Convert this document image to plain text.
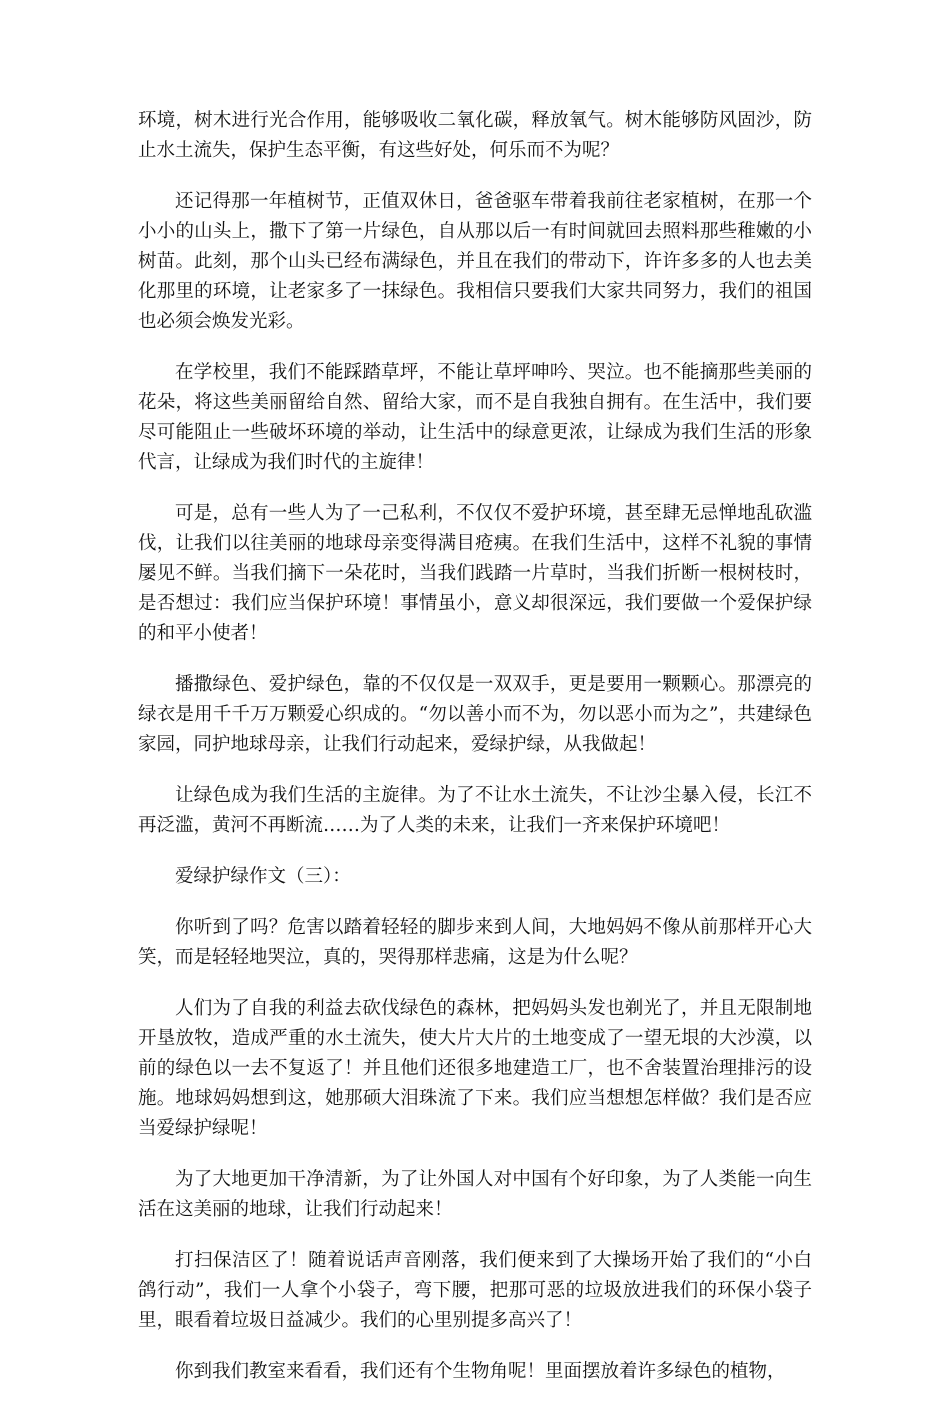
环境，树木进行光合作用，能够吸收二氧化碳，释放氧气。树木能够防风固沙，防止水土流失，保护生态平衡，有这些好处，何乐而不为呢？

还记得那一年植树节，正值双休日，爸爸驱车带着我前往老家植树，在那一个小小的山头上，撒下了第一片绿色，自从那以后一有时间就回去照料那些稚嫩的小树苗。此刻，那个山头已经布满绿色，并且在我们的带动下，许许多多的人也去美化那里的环境，让老家多了一抹绿色。我相信只要我们大家共同努力，我们的祖国也必须会焕发光彩。

在学校里，我们不能踩踏草坪，不能让草坪呻吟、哭泣。也不能摘那些美丽的花朵，将这些美丽留给自然、留给大家，而不是自我独自拥有。在生活中，我们要尽可能阻止一些破坏环境的举动，让生活中的绿意更浓，让绿成为我们生活的形象代言，让绿成为我们时代的主旋律！

可是，总有一些人为了一己私利，不仅仅不爱护环境，甚至肆无忌惮地乱砍滥伐，让我们以往美丽的地球母亲变得满目疮痍。在我们生活中，这样不礼貌的事情屡见不鲜。当我们摘下一朵花时，当我们践踏一片草时，当我们折断一根树枝时，是否想过：我们应当保护环境！事情虽小，意义却很深远，我们要做一个爱保护绿的和平小使者！

播撒绿色、爱护绿色，靠的不仅仅是一双双手，更是要用一颗颗心。那漂亮的绿衣是用千千万万颗爱心织成的。“勿以善小而不为，勿以恶小而为之”，共建绿色家园，同护地球母亲，让我们行动起来，爱绿护绿，从我做起！

让绿色成为我们生活的主旋律。为了不让水土流失，不让沙尘暴入侵，长江不再泛滥，黄河不再断流……为了人类的未来，让我们一齐来保护环境吧！

爱绿护绿作文（三）：

你听到了吗？危害以踏着轻轻的脚步来到人间，大地妈妈不像从前那样开心大笑，而是轻轻地哭泣，真的，哭得那样悲痛，这是为什么呢？

人们为了自我的利益去砍伐绿色的森林，把妈妈头发也剃光了，并且无限制地开垦放牧，造成严重的水土流失，使大片大片的土地变成了一望无垠的大沙漠，以前的绿色以一去不复返了！并且他们还很多地建造工厂，也不舍装置治理排污的设施。地球妈妈想到这，她那硕大泪珠流了下来。我们应当想想怎样做？我们是否应当爱绿护绿呢！

为了大地更加干净清新，为了让外国人对中国有个好印象，为了人类能一向生活在这美丽的地球，让我们行动起来！

打扫保洁区了！随着说话声音刚落，我们便来到了大操场开始了我们的“小白鸽行动”，我们一人拿个小袋子，弯下腰，把那可恶的垃圾放进我们的环保小袋子里，眼看着垃圾日益减少。我们的心里别提多高兴了！

你到我们教室来看看，我们还有个生物角呢！里面摆放着许多绿色的植物，
